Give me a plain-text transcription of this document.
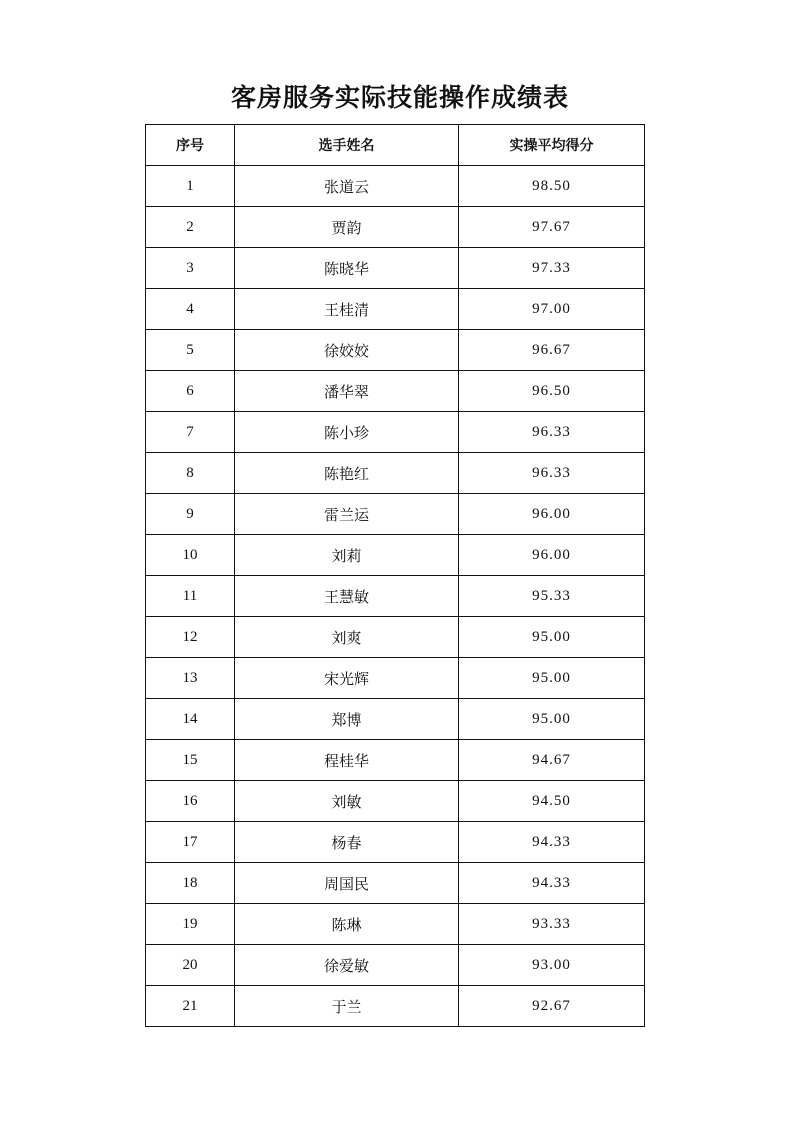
客房服务实际技能操作成绩表
序号	选手姓名	实操平均得分
1	张道云	98.50
2	贾韵	97.67
3	陈晓华	97.33
4	王桂清	97.00
5	徐姣姣	96.67
6	潘华翠	96.50
7	陈小珍	96.33
8	陈艳红	96.33
9	雷兰运	96.00
10	刘莉	96.00
11	王慧敏	95.33
12	刘爽	95.00
13	宋光辉	95.00
14	郑博	95.00
15	程桂华	94.67
16	刘敏	94.50
17	杨春	94.33
18	周国民	94.33
19	陈琳	93.33
20	徐爱敏	93.00
21	于兰	92.67
